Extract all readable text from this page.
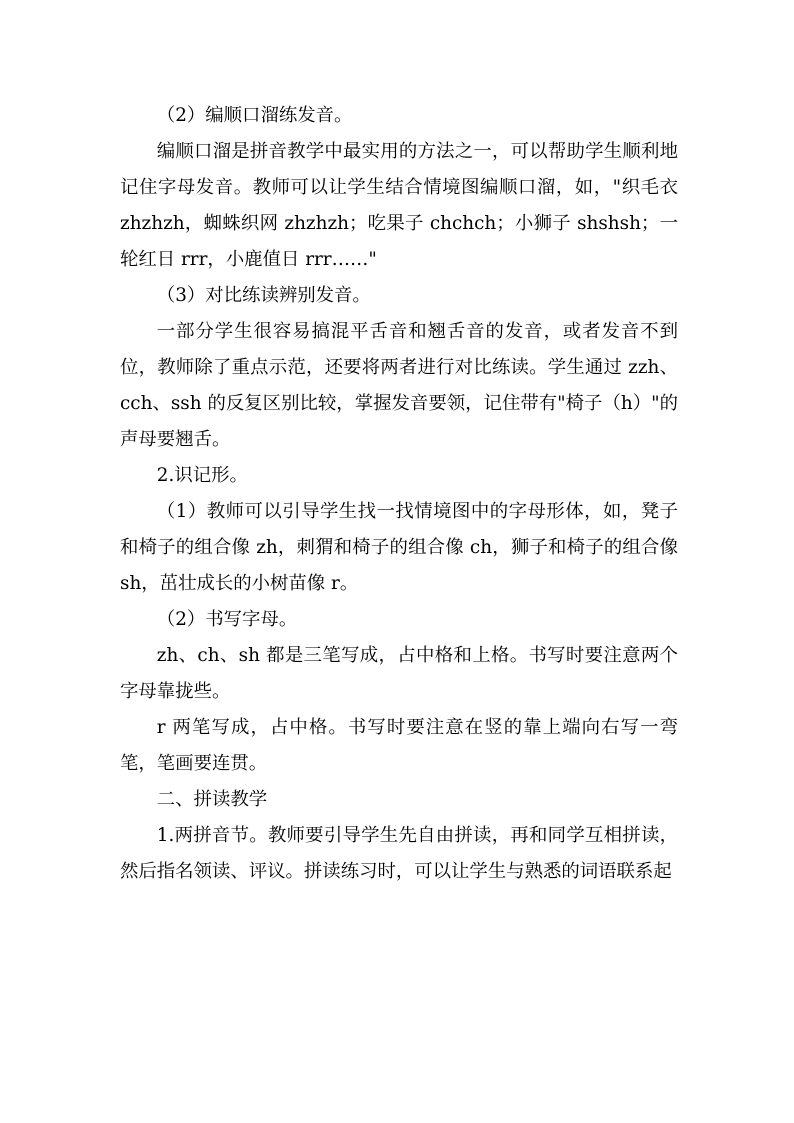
（2）编顺口溜练发音。

编顺口溜是拼音教学中最实用的方法之一，可以帮助学生顺利地记住字母发音。教师可以让学生结合情境图编顺口溜，如，"织毛衣 zhzhzh，蜘蛛织网 zhzhzh；吃果子 chchch；小狮子 shshsh；一轮红日 rrr，小鹿值日 rrr……"

（3）对比练读辨别发音。

一部分学生很容易搞混平舌音和翘舌音的发音，或者发音不到位，教师除了重点示范，还要将两者进行对比练读。学生通过 zzh、cch、ssh 的反复区别比较，掌握发音要领，记住带有"椅子（h）"的声母要翘舌。

2.识记形。

（1）教师可以引导学生找一找情境图中的字母形体，如，凳子和椅子的组合像 zh，刺猬和椅子的组合像 ch，狮子和椅子的组合像 sh，茁壮成长的小树苗像 r。

（2）书写字母。

zh、ch、sh 都是三笔写成，占中格和上格。书写时要注意两个字母靠拢些。

r 两笔写成，占中格。书写时要注意在竖的靠上端向右写一弯笔，笔画要连贯。

二、拼读教学

1.两拼音节。教师要引导学生先自由拼读，再和同学互相拼读，然后指名领读、评议。拼读练习时，可以让学生与熟悉的词语联系起
